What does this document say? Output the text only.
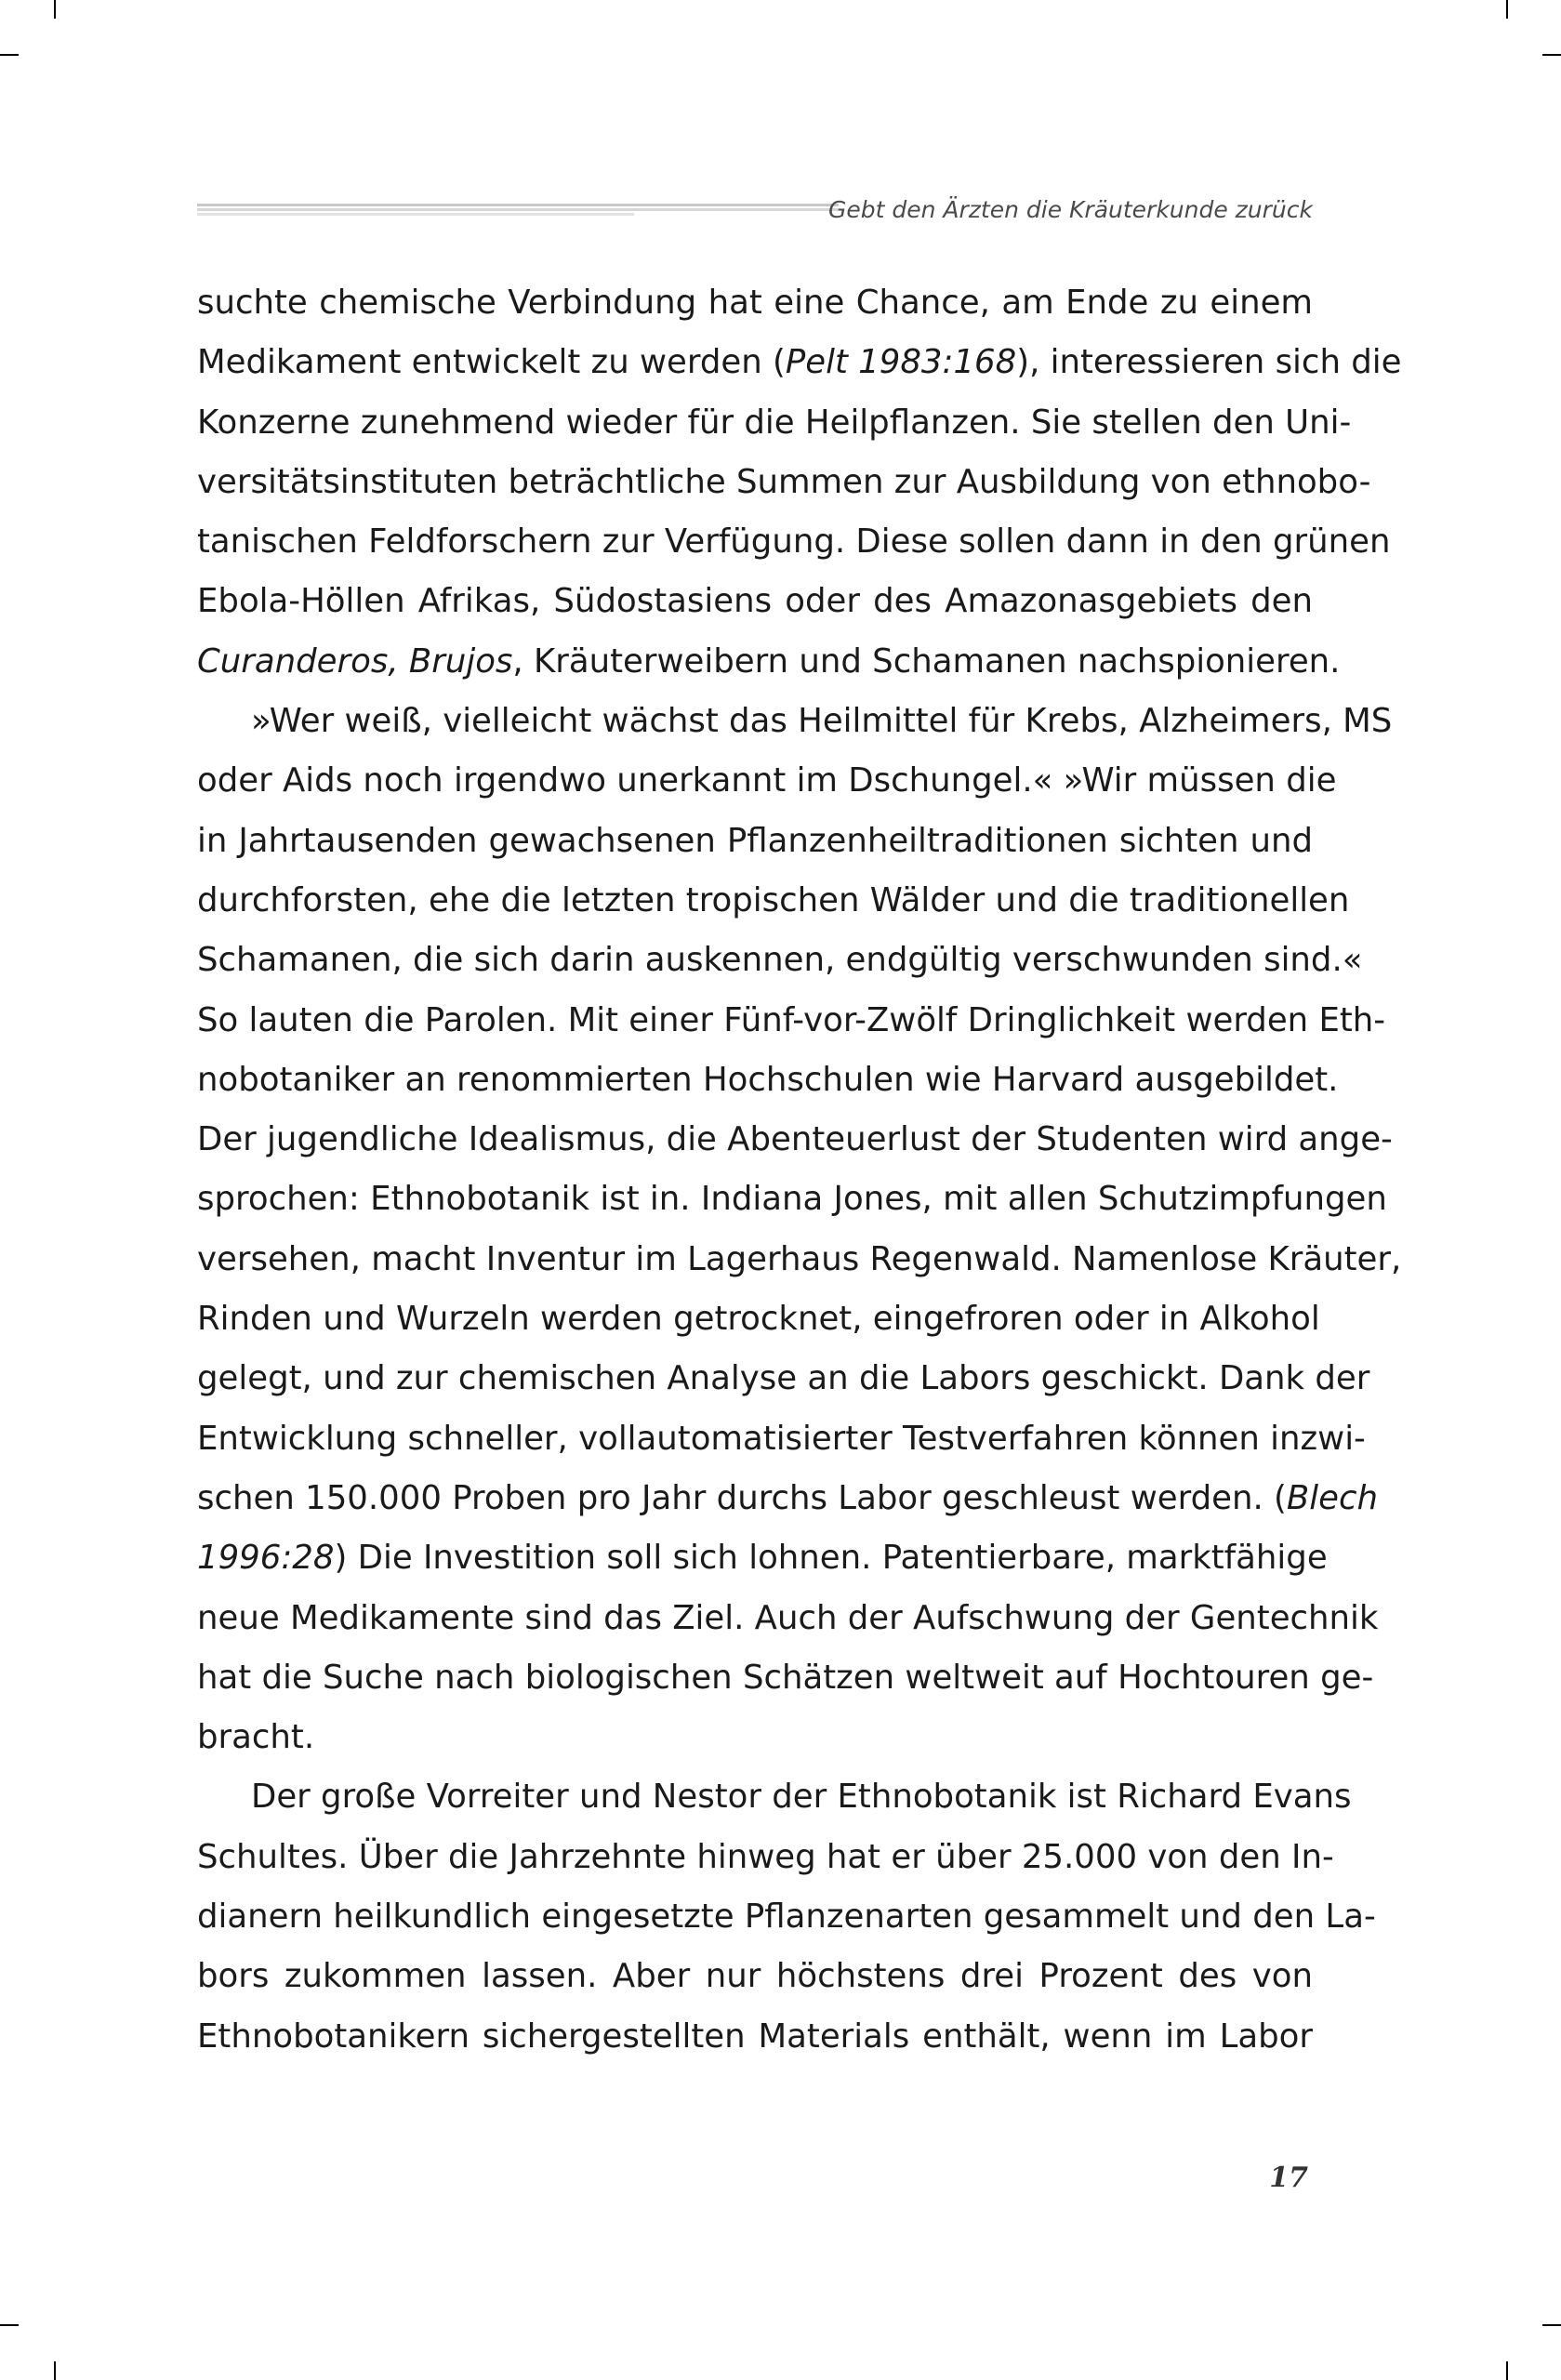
Gebt den Ärzten die Kräuterkunde zurück
suchte chemische Verbindung hat eine Chance, am Ende zu einem
Medikament entwickelt zu werden (Pelt 1983:168), interessieren sich die
Konzerne zunehmend wieder für die Heilpflanzen. Sie stellen den Uni-
versitätsinstituten beträchtliche Summen zur Ausbildung von ethnobo-
tanischen Feldforschern zur Verfügung. Diese sollen dann in den grünen
Ebola-Höllen Afrikas, Südostasiens oder des Amazonasgebiets den
Curanderos, Brujos, Kräuterweibern und Schamanen nachspionieren.
»Wer weiß, vielleicht wächst das Heilmittel für Krebs, Alzheimers, MS
oder Aids noch irgendwo unerkannt im Dschungel.« »Wir müssen die
in Jahrtausenden gewachsenen Pflanzenheiltraditionen sichten und
durchforsten, ehe die letzten tropischen Wälder und die traditionellen
Schamanen, die sich darin auskennen, endgültig verschwunden sind.«
So lauten die Parolen. Mit einer Fünf-vor-Zwölf Dringlichkeit werden Eth-
nobotaniker an renommierten Hochschulen wie Harvard ausgebildet.
Der jugendliche Idealismus, die Abenteuerlust der Studenten wird ange-
sprochen: Ethnobotanik ist in. Indiana Jones, mit allen Schutzimpfungen
versehen, macht Inventur im Lagerhaus Regenwald. Namenlose Kräuter,
Rinden und Wurzeln werden getrocknet, eingefroren oder in Alkohol
gelegt, und zur chemischen Analyse an die Labors geschickt. Dank der
Entwicklung schneller, vollautomatisierter Testverfahren können inzwi-
schen 150.000 Proben pro Jahr durchs Labor geschleust werden. (Blech
1996:28) Die Investition soll sich lohnen. Patentierbare, marktfähige
neue Medikamente sind das Ziel. Auch der Aufschwung der Gentechnik
hat die Suche nach biologischen Schätzen weltweit auf Hochtouren ge-
bracht.
Der große Vorreiter und Nestor der Ethnobotanik ist Richard Evans
Schultes. Über die Jahrzehnte hinweg hat er über 25.000 von den In-
dianern heilkundlich eingesetzte Pflanzenarten gesammelt und den La-
bors zukommen lassen. Aber nur höchstens drei Prozent des von
Ethnobotanikern sichergestellten Materials enthält, wenn im Labor
17
